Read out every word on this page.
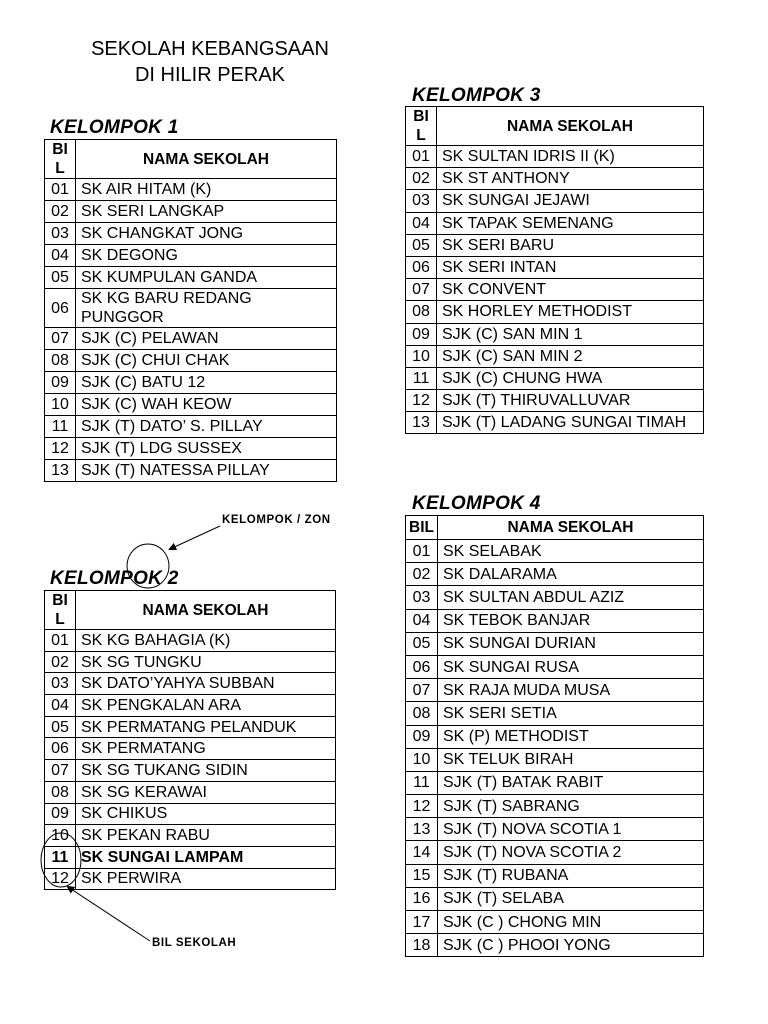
SEKOLAH KEBANGSAAN
DI HILIR PERAK
KELOMPOK 1
BI L	NAMA SEKOLAH
01	SK AIR HITAM (K)
02	SK SERI LANGKAP
03	SK CHANGKAT JONG
04	SK DEGONG
05	SK KUMPULAN GANDA
06	SK KG BARU REDANG PUNGGOR
07	SJK (C) PELAWAN
08	SJK (C) CHUI CHAK
09	SJK (C) BATU 12
10	SJK (C) WAH KEOW
11	SJK (T) DATO’ S. PILLAY
12	SJK (T) LDG SUSSEX
13	SJK (T) NATESSA PILLAY
KELOMPOK 2
BI L	NAMA SEKOLAH
01	SK KG BAHAGIA (K)
02	SK SG TUNGKU
03	SK DATO’YAHYA SUBBAN
04	SK PENGKALAN ARA
05	SK PERMATANG PELANDUK
06	SK PERMATANG
07	SK SG TUKANG SIDIN
08	SK SG KERAWAI
09	SK CHIKUS
10	SK PEKAN RABU
11	SK SUNGAI LAMPAM
12	SK PERWIRA
KELOMPOK 3
BI L	NAMA SEKOLAH
01	SK SULTAN IDRIS II (K)
02	SK ST ANTHONY
03	SK SUNGAI JEJAWI
04	SK TAPAK SEMENANG
05	SK SERI BARU
06	SK SERI INTAN
07	SK CONVENT
08	SK HORLEY METHODIST
09	SJK (C) SAN MIN 1
10	SJK (C) SAN MIN 2
11	SJK (C) CHUNG HWA
12	SJK (T) THIRUVALLUVAR
13	SJK (T) LADANG SUNGAI TIMAH
KELOMPOK 4
BIL	NAMA SEKOLAH
01	SK SELABAK
02	SK DALARAMA
03	SK SULTAN ABDUL AZIZ
04	SK TEBOK BANJAR
05	SK SUNGAI DURIAN
06	SK SUNGAI RUSA
07	SK RAJA MUDA MUSA
08	SK SERI SETIA
09	SK (P) METHODIST
10	SK TELUK BIRAH
11	SJK (T) BATAK RABIT
12	SJK (T) SABRANG
13	SJK (T) NOVA SCOTIA 1
14	SJK (T) NOVA SCOTIA 2
15	SJK (T) RUBANA
16	SJK (T) SELABA
17	SJK (C ) CHONG MIN
18	SJK (C ) PHOOI YONG
KELOMPOK / ZON
BIL SEKOLAH
